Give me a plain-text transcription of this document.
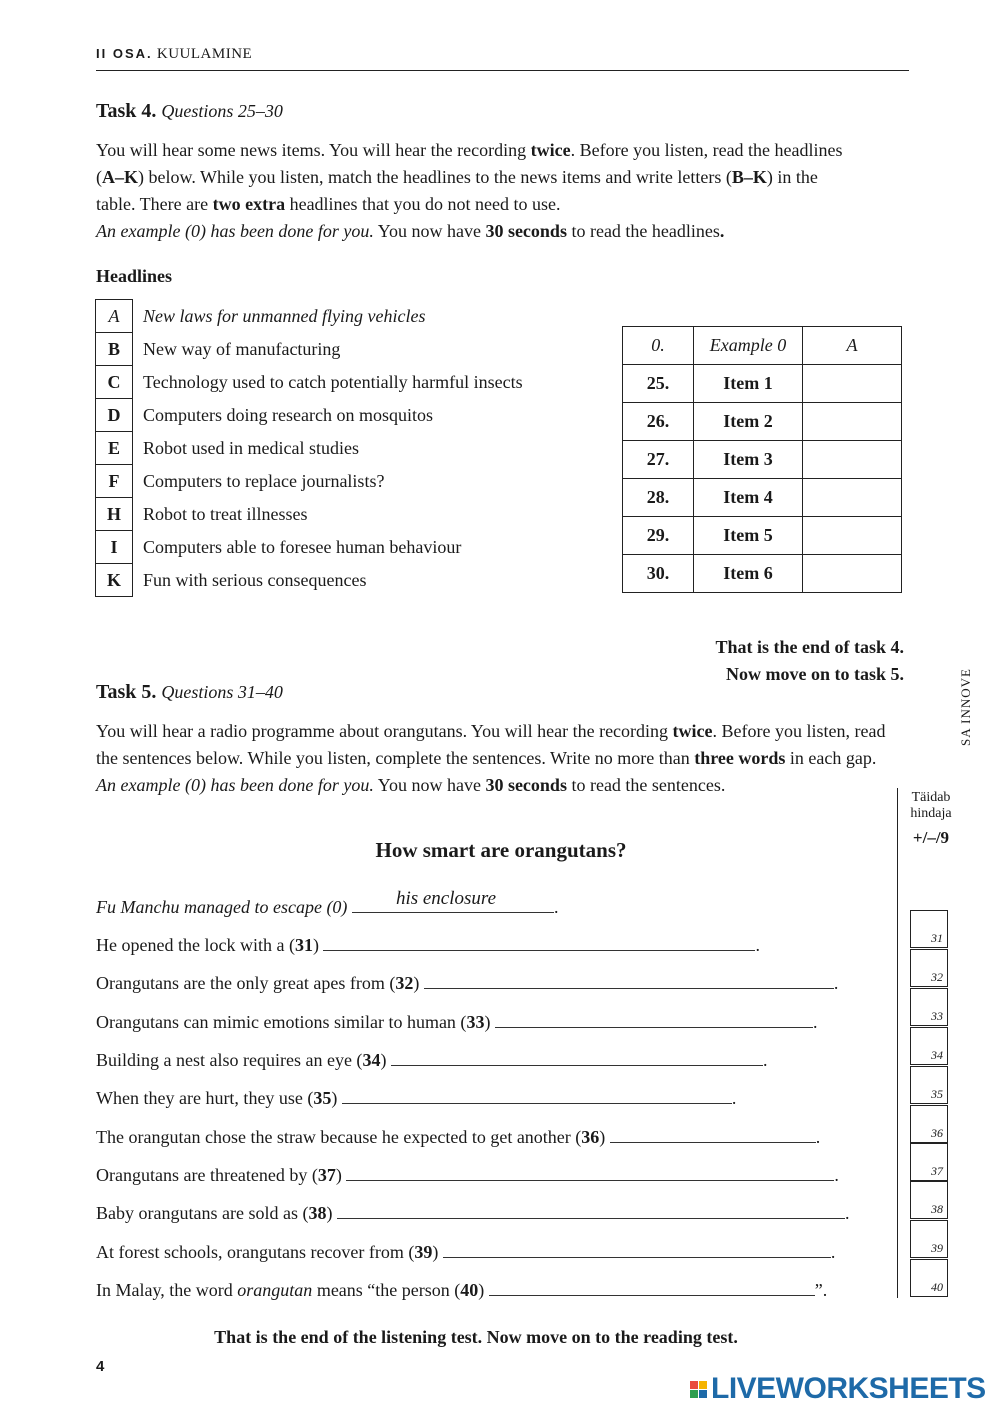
II OSA. KUULAMINE
Task 4. Questions 25–30
You will hear some news items. You will hear the recording twice. Before you listen, read the headlines
(A–K) below. While you listen, match the headlines to the news items and write letters (B–K) in the
table. There are two extra headlines that you do not need to use.
An example (0) has been done for you. You now have 30 seconds to read the headlines.
Headlines
A	New laws for unmanned flying vehicles
B	New way of manufacturing
C	Technology used to catch potentially harmful insects
D	Computers doing research on mosquitos
E	Robot used in medical studies
F	Computers to replace journalists?
H	Robot to treat illnesses
I	Computers able to foresee human behaviour
K	Fun with serious consequences
0.	Example 0	A
25.	Item 1	
26.	Item 2	
27.	Item 3	
28.	Item 4	
29.	Item 5	
30.	Item 6	
That is the end of task 4.
Now move on to task 5.
Task 5. Questions 31–40
You will hear a radio programme about orangutans. You will hear the recording twice. Before you listen, read the sentences below. While you listen, complete the sentences. Write no more than three words in each gap.
An example (0) has been done for you. You now have 30 seconds to read the sentences.
SA INNOVE
Täidab
hindaja
+/–/9
31
32
33
34
35
36
37
38
39
40
How smart are orangutans?
Fu Manchu managed to escape (0)	his enclosure	.
He opened the lock with a (31)	.
Orangutans are the only great apes from (32)	.
Orangutans can mimic emotions similar to human (33)	.
Building a nest also requires an eye (34)	.
When they are hurt, they use (35)	.
The orangutan chose the straw because he expected to get another (36)	.
Orangutans are threatened by (37)	.
Baby orangutans are sold as (38)	.
At forest schools, orangutans recover from (39)	.
In Malay, the word orangutan means “the person (40)	”.
That is the end of the listening test. Now move on to the reading test.
4
LIVEWORKSHEETS
